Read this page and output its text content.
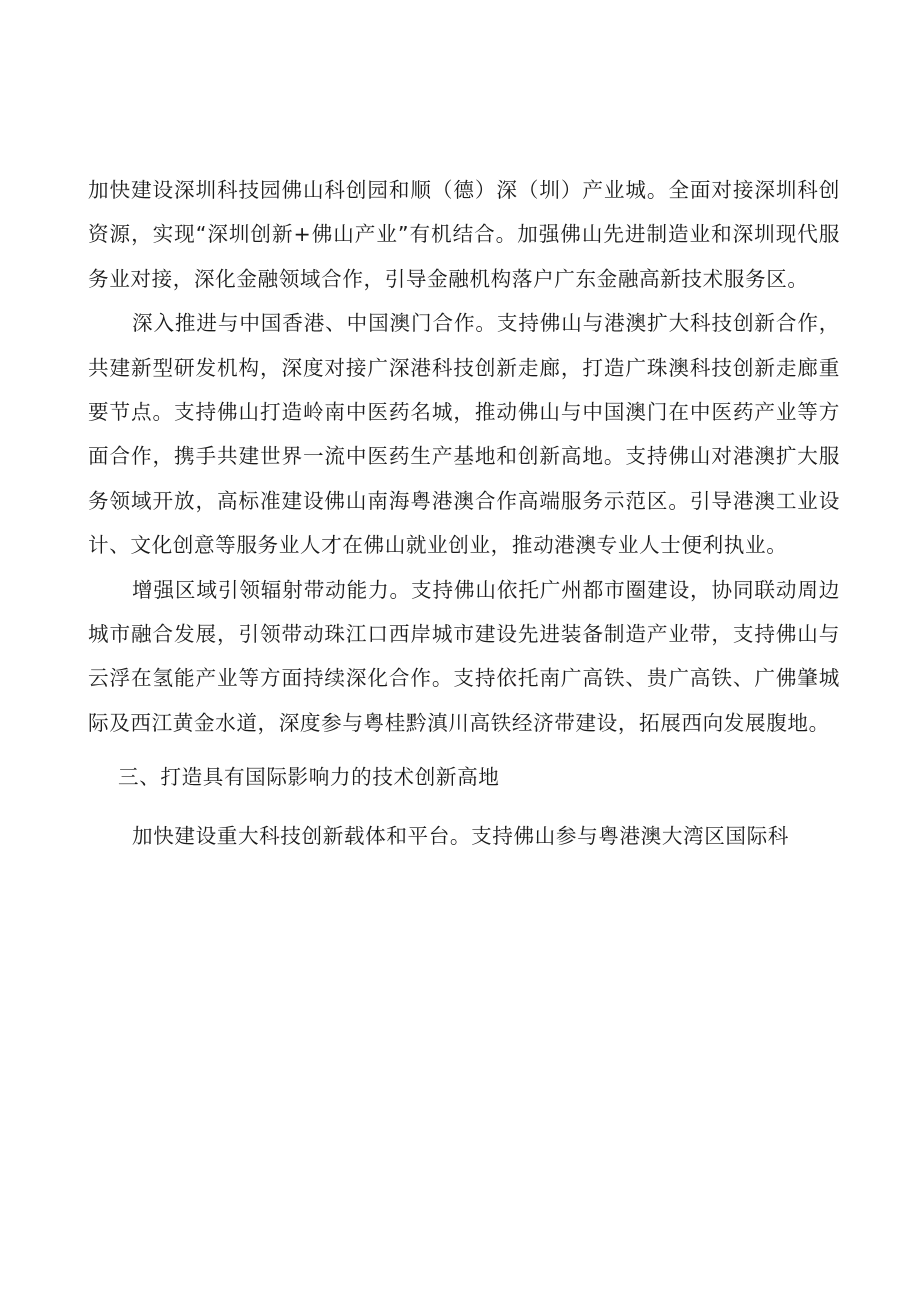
加快建设深圳科技园佛山科创园和顺（德）深（圳）产业城。全面对接深圳科创资源，实现“深圳创新+佛山产业”有机结合。加强佛山先进制造业和深圳现代服务业对接，深化金融领域合作，引导金融机构落户广东金融高新技术服务区。

深入推进与中国香港、中国澳门合作。支持佛山与港澳扩大科技创新合作，共建新型研发机构，深度对接广深港科技创新走廊，打造广珠澳科技创新走廊重要节点。支持佛山打造岭南中医药名城，推动佛山与中国澳门在中医药产业等方面合作，携手共建世界一流中医药生产基地和创新高地。支持佛山对港澳扩大服务领域开放，高标准建设佛山南海粤港澳合作高端服务示范区。引导港澳工业设计、文化创意等服务业人才在佛山就业创业，推动港澳专业人士便利执业。

增强区域引领辐射带动能力。支持佛山依托广州都市圈建设，协同联动周边城市融合发展，引领带动珠江口西岸城市建设先进装备制造产业带，支持佛山与云浮在氢能产业等方面持续深化合作。支持依托南广高铁、贵广高铁、广佛肇城际及西江黄金水道，深度参与粤桂黔滇川高铁经济带建设，拓展西向发展腹地。

三、打造具有国际影响力的技术创新高地

加快建设重大科技创新载体和平台。支持佛山参与粤港澳大湾区国际科
